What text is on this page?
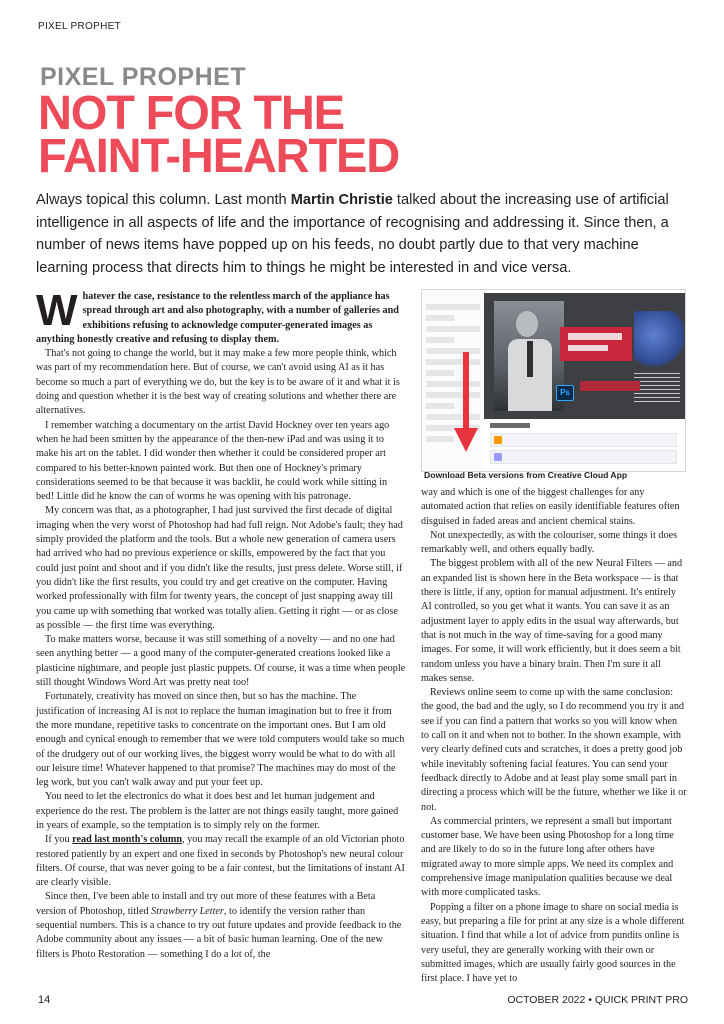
PIXEL PROPHET
PIXEL PROPHET
NOT FOR THE
FAINT-HEARTED
Always topical this column. Last month Martin Christie talked about the increasing use of artificial intelligence in all aspects of life and the importance of recognising and addressing it. Since then, a number of news items have popped up on his feeds, no doubt partly due to that very machine learning process that directs him to things he might be interested in and vice versa.

Whatever the case, resistance to the relentless march of the appliance has spread through art and also photography, with a number of galleries and exhibitions refusing to acknowledge computer-generated images as anything honestly creative and refusing to display them.

That's not going to change the world, but it may make a few more people think, which was part of my recommendation here. But of course, we can't avoid using AI as it has become so much a part of everything we do, but the key is to be aware of it and what it is doing and question whether it is the best way of creating solutions and whether there are alternatives.

I remember watching a documentary on the artist David Hockney over ten years ago when he had been smitten by the appearance of the then-new iPad and was using it to make his art on the tablet. I did wonder then whether it could be considered proper art compared to his better-known painted work. But then one of Hockney's primary considerations seemed to be that because it was backlit, he could work while sitting in bed! Little did he know the can of worms he was opening with his patronage.

My concern was that, as a photographer, I had just survived the first decade of digital imaging when the very worst of Photoshop had had full reign. Not Adobe's fault; they had simply provided the platform and the tools. But a whole new generation of camera users had arrived who had no previous experience or skills, empowered by the fact that you could just point and shoot and if you didn't like the results, just press delete. Worse still, if you didn't like the first results, you could try and get creative on the computer. Having worked professionally with film for twenty years, the concept of just snapping away till you came up with something that worked was totally alien. Getting it right — or as close as possible — the first time was everything.

To make matters worse, because it was still something of a novelty — and no one had seen anything better — a good many of the computer-generated creations looked like a plasticine nightmare, and people just plastic puppets. Of course, it was a time when people still thought Windows Word Art was pretty neat too!

Fortunately, creativity has moved on since then, but so has the machine. The justification of increasing AI is not to replace the human imagination but to free it from the more mundane, repetitive tasks to concentrate on the important ones. But I am old enough and cynical enough to remember that we were told computers would take so much of the drudgery out of our working lives, the biggest worry would be what to do with all our leisure time! Whatever happened to that promise? The machines may do most of the leg work, but you can't walk away and put your feet up.

You need to let the electronics do what it does best and let human judgement and experience do the rest. The problem is the latter are not things easily taught, more gained in years of example, so the temptation is to simply rely on the former.

If you read last month's column, you may recall the example of an old Victorian photo restored patiently by an expert and one fixed in seconds by Photoshop's new neural colour filters. Of course, that was never going to be a fair contest, but the limitations of instant AI are clearly visible.

Since then, I've been able to install and try out more of these features with a Beta version of Photoshop, titled Strawberry Letter, to identify the version rather than sequential numbers. This is a chance to try out future updates and provide feedback to the Adobe community about any issues — a bit of basic human learning. One of the new filters is Photo Restoration — something I do a lot of, the

Ps
Download Beta versions from Creative Cloud App

way and which is one of the biggest challenges for any automated action that relies on easily identifiable features often disguised in faded areas and ancient chemical stains.

Not unexpectedly, as with the colouriser, some things it does remarkably well, and others equally badly.

The biggest problem with all of the new Neural Filters — and an expanded list is shown here in the Beta workspace — is that there is little, if any, option for manual adjustment. It's entirely AI controlled, so you get what it wants. You can save it as an adjustment layer to apply edits in the usual way afterwards, but that is not much in the way of time-saving for a good many images. For some, it will work efficiently, but it does seem a bit random unless you have a binary brain. Then I'm sure it all makes sense.

Reviews online seem to come up with the same conclusion: the good, the bad and the ugly, so I do recommend you try it and see if you can find a pattern that works so you will know when to call on it and when not to bother. In the shown example, with very clearly defined cuts and scratches, it does a pretty good job while inevitably softening facial features. You can send your feedback directly to Adobe and at least play some small part in directing a process which will be the future, whether we like it or not.

As commercial printers, we represent a small but important customer base. We have been using Photoshop for a long time and are likely to do so in the future long after others have migrated away to more simple apps. We need its complex and comprehensive image manipulation qualities because we deal with more complicated tasks.

Popping a filter on a phone image to share on social media is easy, but preparing a file for print at any size is a whole different situation. I find that while a lot of advice from pundits online is very useful, they are generally working with their own or submitted images, which are usually fairly good sources in the first place. I have yet to

14	OCTOBER 2022 • QUICK PRINT PRO
